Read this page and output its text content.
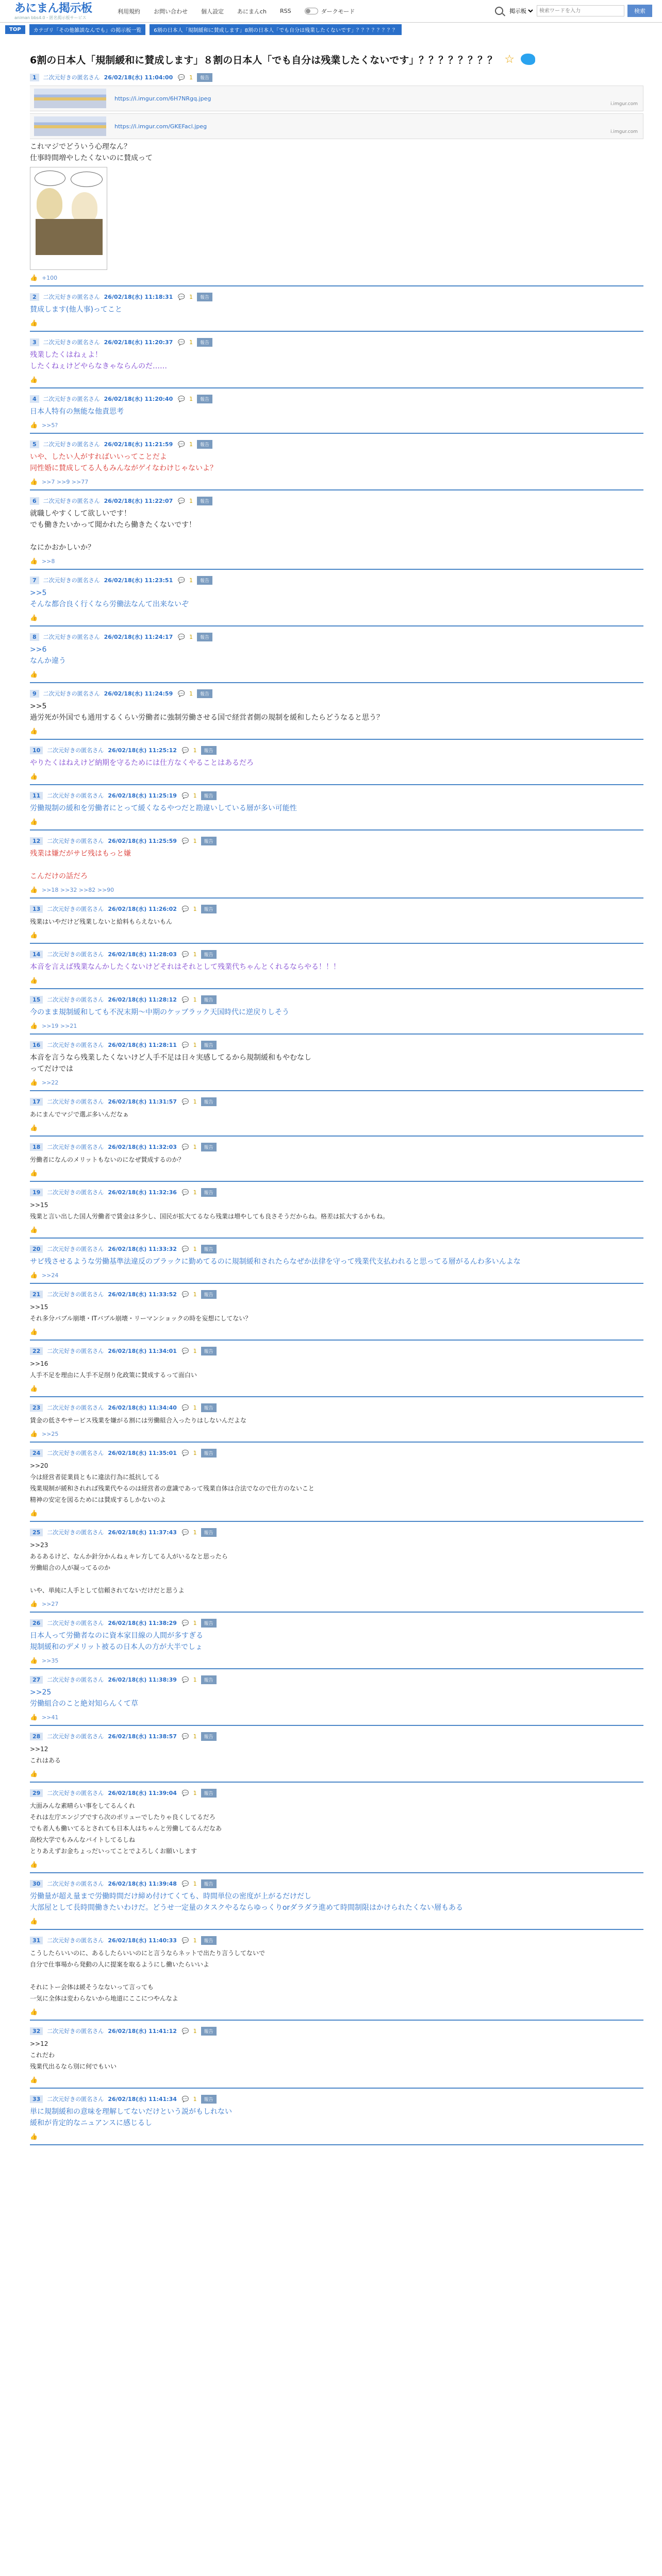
あにまん掲示板
animan bbs4.0・匿名掲示板サービス
利用規約 お問い合わせ 個人設定 あにまんch RSS	ダークモード
掲示板
検索ワードを入力	検索
TOP	カテゴリ「その他雑談なんでも」の掲示板一覧	6割の日本人「規制緩和に賛成します」8割の日本人「でも自分は残業したくないです」？？？？？？？？
6割の日本人「規制緩和に賛成します」８割の日本人「でも自分は残業したくないです」？？？？？？？？ ☆
1	二次元好きの匿名さん 26/02/18(水) 11:04:00 💬 1	報告
https://i.imgur.com/6H7NRgq.jpeg
i.imgur.com
https://i.imgur.com/GKEFacl.jpeg
i.imgur.com
これマジでどういう心理なん？
仕事時間増やしたくないのに賛成って
👍 +100
2	二次元好きの匿名さん 26/02/18(水) 11:18:31 💬 1	報告
賛成します(他人事)ってこと
👍
3	二次元好きの匿名さん 26/02/18(水) 11:20:37 💬 1	報告
残業したくはねぇよ！
したくねぇけどやらなきゃならんのだ……
👍
4	二次元好きの匿名さん 26/02/18(水) 11:20:40 💬 1	報告
日本人特有の無能な他責思考
👍 >>5?
5	二次元好きの匿名さん 26/02/18(水) 11:21:59 💬 1	報告
いや、したい人がすればいいってことだよ
同性婚に賛成してる人もみんながゲイなわけじゃないよ？
👍 >>7 >>9 >>77
6	二次元好きの匿名さん 26/02/18(水) 11:22:07 💬 1	報告
就職しやすくして欲しいです！
でも働きたいかって聞かれたら働きたくないです！

なにかおかしいか？
👍 >>8
7	二次元好きの匿名さん 26/02/18(水) 11:23:51 💬 1	報告
>>5
そんな都合良く行くなら労働法なんて出来ないぞ
👍
8	二次元好きの匿名さん 26/02/18(水) 11:24:17 💬 1	報告
>>6
なんか違う
👍
9	二次元好きの匿名さん 26/02/18(水) 11:24:59 💬 1	報告
>>5
過労死が外国でも通用するくらい労働者に強制労働させる国で経営者側の規制を緩和したらどうなると思う？
👍
10	二次元好きの匿名さん 26/02/18(水) 11:25:12 💬 1	報告
やりたくはねえけど納期を守るためには仕方なくやることはあるだろ
👍
11	二次元好きの匿名さん 26/02/18(水) 11:25:19 💬 1	報告
労働規制の緩和を労働者にとって緩くなるやつだと勘違いしている層が多い可能性
👍
12	二次元好きの匿名さん 26/02/18(水) 11:25:59 💬 1	報告
残業は嫌だがサビ残はもっと嫌

こんだけの話だろ
👍 >>18 >>32 >>82 >>90
13	二次元好きの匿名さん 26/02/18(水) 11:26:02 💬 1	報告
残業はいやだけど残業しないと給料もらえないもん
👍
14	二次元好きの匿名さん 26/02/18(水) 11:28:03 💬 1	報告
本音を言えば残業なんかしたくないけどそれはそれとして残業代ちゃんとくれるならやる！！！
👍
15	二次元好きの匿名さん 26/02/18(水) 11:28:12 💬 1	報告
今のまま規制緩和しても不況末期～中期のケッブラック天国時代に逆戻りしそう
👍 >>19 >>21
16	二次元好きの匿名さん 26/02/18(水) 11:28:11 💬 1	報告
本音を言うなら残業したくないけど人手不足は日々実感してるから規制緩和もやむなし
ってだけでは
👍 >>22
17	二次元好きの匿名さん 26/02/18(水) 11:31:57 💬 1	報告
あにまんでマジで選ぶ多いんだなぁ
👍
18	二次元好きの匿名さん 26/02/18(水) 11:32:03 💬 1	報告
労働者になんのメリットもないのになぜ賛成するのか？
👍
19	二次元好きの匿名さん 26/02/18(水) 11:32:36 💬 1	報告
>>15
残業と言い出した国人労働者で賃金は多少し、国民が拡大てるなら残業は増やしても良さそうだからね。格差は拡大するかもね。
👍
20	二次元好きの匿名さん 26/02/18(水) 11:33:32 💬 1	報告
サビ残させるような労働基準法違反のブラックに勤めてるのに規制緩和されたらなぜか法律を守って残業代支払われると思ってる層がるんわ多いんよな
👍 >>24
21	二次元好きの匿名さん 26/02/18(水) 11:33:52 💬 1	報告
>>15
それ多分バブル崩壊・ITバブル崩壊・リーマンショックの時を妄想にしてない？
👍
22	二次元好きの匿名さん 26/02/18(水) 11:34:01 💬 1	報告
>>16
人手不足を理由に人手不足削り化政策に賛成するって面白い
👍
23	二次元好きの匿名さん 26/02/18(水) 11:34:40 💬 1	報告
賃金の低さやサービス残業を嫌がる割には労働組合入ったりはしないんだよな
👍 >>25
24	二次元好きの匿名さん 26/02/18(水) 11:35:01 💬 1	報告
>>20
今は経営者従業員ともに違法行為に抵抗してる
残業規制が緩和されれば残業代やるのは経営者の意識であって残業自体は合法でなので仕方のないこと
精神の安定を図るためには賛成するしかないのよ
👍
25	二次元好きの匿名さん 26/02/18(水) 11:37:43 💬 1	報告
>>23
あるあるけど、なんか針分かんねぇキレ方してる人がいるなと思ったら
労働組合の人が凝ってるのか

いや、単純に人手として信頼されてないだけだと思うよ
👍 >>27
26	二次元好きの匿名さん 26/02/18(水) 11:38:29 💬 1	報告
日本人って労働者なのに資本家目線の人間が多すぎる
規制緩和のデメリット被るの日本人の方が大半でしょ
👍 >>35
27	二次元好きの匿名さん 26/02/18(水) 11:38:39 💬 1	報告
>>25
労働組合のこと絶対知らんくて草
👍 >>41
28	二次元好きの匿名さん 26/02/18(水) 11:38:57 💬 1	報告
>>12
これはある
👍
29	二次元好きの匿名さん 26/02/18(水) 11:39:04 💬 1	報告
大面みんな素晴らい事をしてるんくれ
それは左庁エンジブですら次のボリューでしたりゃ良くしてるだろ
でも者人も働いてるとされても日本人はちゃんと労働してるんだなあ
高校大学でもみんなバイトしてるしね
とりあえずお金ちょっだいってことでよろしくお願いします
👍
30	二次元好きの匿名さん 26/02/18(水) 11:39:48 💬 1	報告
労働量が超え量まで労働時間だけ締め付けてくても、時間単位の密度が上がるだけだし
大部屋として長時間働きたいわけだ。どうせ一定量のタスクやるならゆっくりorダラダラ進めて時間制限はかけられたくない層もある
👍
31	二次元好きの匿名さん 26/02/18(水) 11:40:33 💬 1	報告
こうしたらいいのに、あるしたらいいのにと言うならネットで出たり言うしてないで
自分で仕事場から発動の人に提案を取るようにし働いたらいいよ

それにトー会体は緩そうなないって言っても
一気に全体は変わらないから地道にここにつやんなよ
👍
32	二次元好きの匿名さん 26/02/18(水) 11:41:12 💬 1	報告
>>12
これだわ
残業代出るなら別に何でもいい
👍
33	二次元好きの匿名さん 26/02/18(水) 11:41:34 💬 1	報告
単に規制緩和の意味を理解してないだけという説がもしれない
緩和が肯定的なニュアンスに感じるし
👍
